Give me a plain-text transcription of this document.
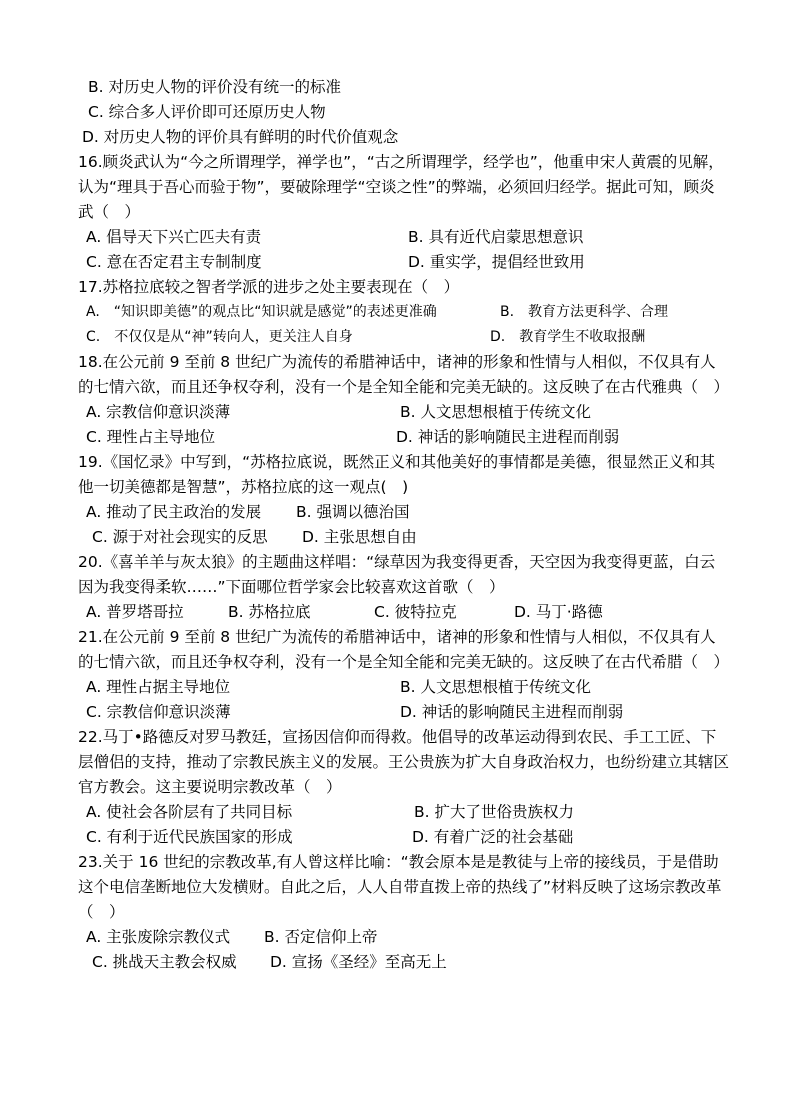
B. 对历史人物的评价没有统一的标准
C. 综合多人评价即可还原历史人物
D. 对历史人物的评价具有鲜明的时代价值观念
16.顾炎武认为“今之所谓理学，禅学也”，“古之所谓理学，经学也”，他重申宋人黄震的见解，认为“理具于吾心而验于物”，要破除理学“空谈之性”的弊端，必须回归经学。据此可知，顾炎武（　）
A. 倡导天下兴亡匹夫有责	B. 具有近代启蒙思想意识
C. 意在否定君主专制制度	D. 重实学，提倡经世致用
17.苏格拉底较之智者学派的进步之处主要表现在（　）
A.　“知识即美德”的观点比“知识就是感觉”的表述更准确	B.　教育方法更科学、合理
C.　不仅仅是从“神”转向人，更关注人自身	D.　教育学生不收取报酬
18.在公元前 9 至前 8 世纪广为流传的希腊神话中，诸神的形象和性情与人相似，不仅具有人的七情六欲，而且还争权夺利，没有一个是全知全能和完美无缺的。这反映了在古代雅典（　）
A. 宗教信仰意识淡薄	B. 人文思想根植于传统文化
C. 理性占主导地位	D. 神话的影响随民主进程而削弱
19.《国忆录》中写到，“苏格拉底说，既然正义和其他美好的事情都是美德，很显然正义和其他一切美德都是智慧”，苏格拉底的这一观点(　)
A. 推动了民主政治的发展	B. 强调以德治国
C. 源于对社会现实的反思	D. 主张思想自由
20.《喜羊羊与灰太狼》的主题曲这样唱：“绿草因为我变得更香，天空因为我变得更蓝，白云因为我变得柔软……”下面哪位哲学家会比较喜欢这首歌（　）
A. 普罗塔哥拉	B. 苏格拉底	C. 彼特拉克	D. 马丁·路德
21.在公元前 9 至前 8 世纪广为流传的希腊神话中，诸神的形象和性情与人相似，不仅具有人的七情六欲，而且还争权夺利，没有一个是全知全能和完美无缺的。这反映了在古代希腊（　）
A. 理性占据主导地位	B. 人文思想根植于传统文化
C. 宗教信仰意识淡薄	D. 神话的影响随民主进程而削弱
22.马丁•路德反对罗马教廷，宣扬因信仰而得救。他倡导的改革运动得到农民、手工工匠、下层僧侣的支持，推动了宗教民族主义的发展。王公贵族为扩大自身政治权力，也纷纷建立其辖区官方教会。这主要说明宗教改革（　）
A. 使社会各阶层有了共同目标	B. 扩大了世俗贵族权力
C. 有利于近代民族国家的形成	D. 有着广泛的社会基础
23.关于 16 世纪的宗教改革,有人曾这样比喻：“教会原本是是教徒与上帝的接线员，于是借助这个电信垄断地位大发横财。自此之后，人人自带直拨上帝的热线了”材料反映了这场宗教改革（　）
A. 主张废除宗教仪式	B. 否定信仰上帝
C. 挑战天主教会权威	D. 宣扬《圣经》至高无上
